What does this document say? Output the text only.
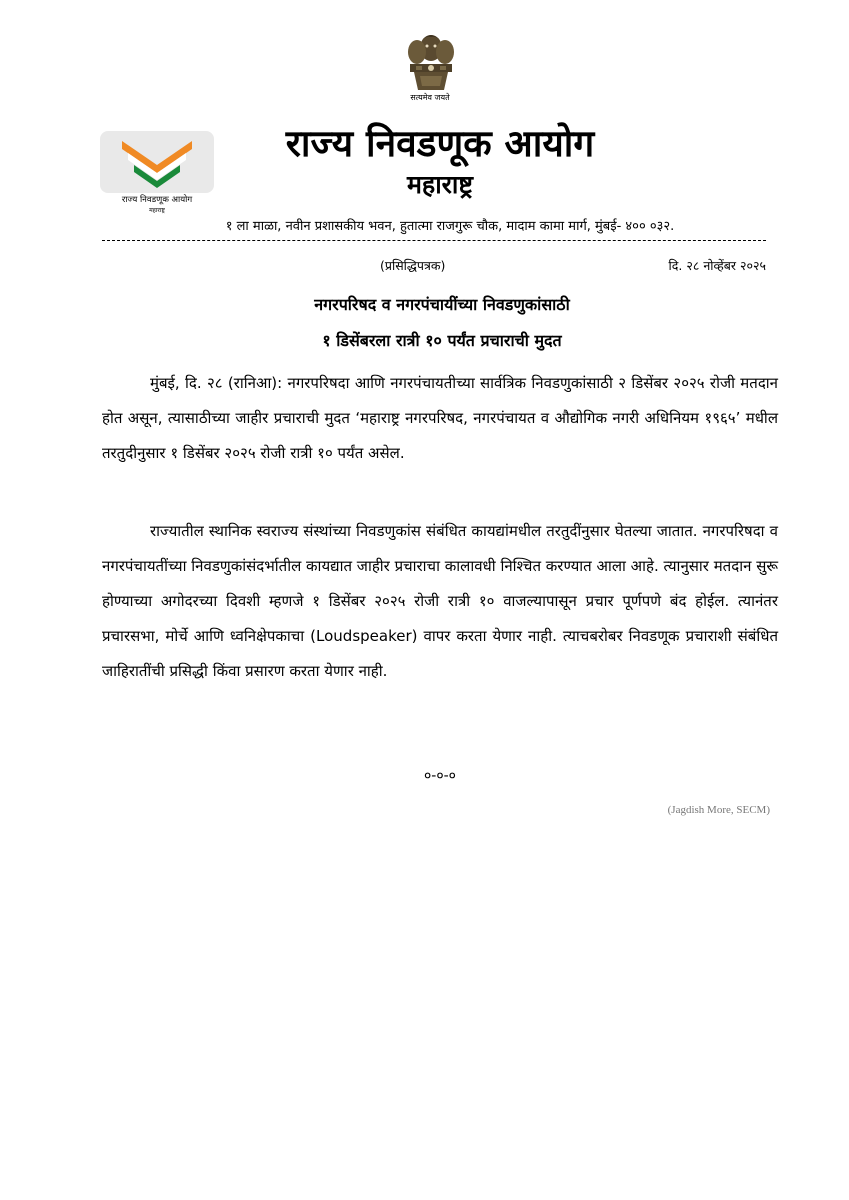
सत्यमेव जयते
राज्य निवडणूक आयोग
महाराष्ट्र
राज्य निवडणूक आयोग
महाराष्ट्र
१ ला माळा, नवीन प्रशासकीय भवन, हुतात्मा राजगुरू चौक, मादाम कामा मार्ग, मुंबई- ४०० ०३२.
(प्रसिद्धिपत्रक)	दि. २८ नोव्हेंबर २०२५
नगरपरिषद व नगरपंचायींच्या निवडणुकांसाठी
१ डिसेंबरला रात्री १० पर्यंत प्रचाराची मुदत

मुंबई, दि. २८ (रानिआ): नगरपरिषदा आणि नगरपंचायतीच्या सार्वत्रिक निवडणुकांसाठी २ डिसेंबर २०२५ रोजी मतदान होत असून, त्यासाठीच्या जाहीर प्रचाराची मुदत ‘महाराष्ट्र नगरपरिषद, नगरपंचायत व औद्योगिक नगरी अधिनियम १९६५’ मधील तरतुदीनुसार १ डिसेंबर २०२५ रोजी रात्री १० पर्यंत असेल.

राज्यातील स्थानिक स्वराज्य संस्थांच्या निवडणुकांस संबंधित कायद्यांमधील तरतुदींनुसार घेतल्या जातात. नगरपरिषदा व नगरपंचायतींच्या निवडणुकांसंदर्भातील कायद्यात जाहीर प्रचाराचा कालावधी निश्चित करण्यात आला आहे. त्यानुसार मतदान सुरू होण्याच्या अगोदरच्या दिवशी म्हणजे १ डिसेंबर २०२५ रोजी रात्री १० वाजल्यापासून प्रचार पूर्णपणे बंद होईल. त्यानंतर प्रचारसभा, मोर्चे आणि ध्वनिक्षेपकाचा (Loudspeaker) वापर करता येणार नाही. त्याचबरोबर निवडणूक प्रचाराशी संबंधित जाहिरातींची प्रसिद्धी किंवा प्रसारण करता येणार नाही.

०-०-०
(Jagdish More, SECM)
